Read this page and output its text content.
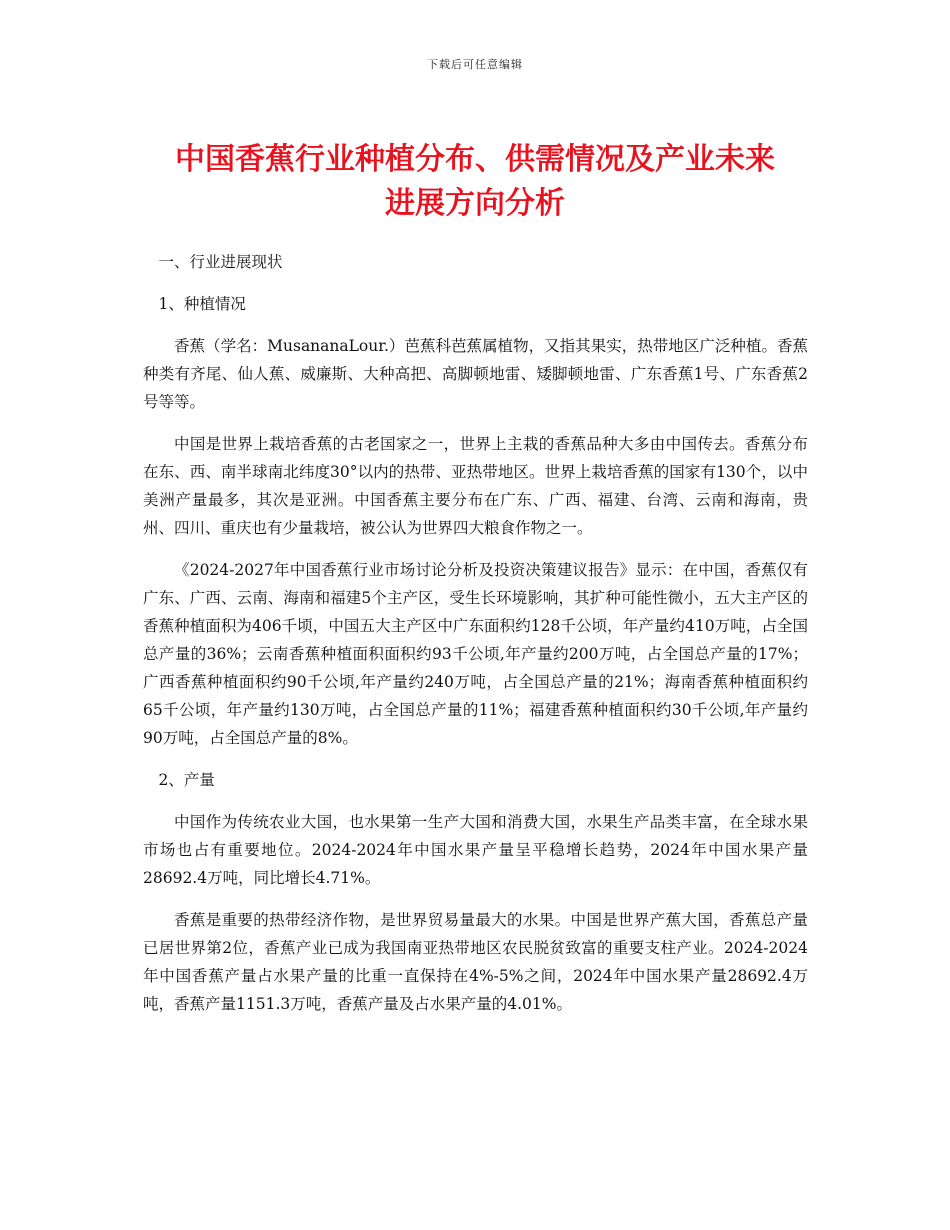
下载后可任意编辑
中国香蕉行业种植分布、供需情况及产业未来
进展方向分析

一、行业进展现状

1、种植情况

香蕉（学名：MusananaLour.）芭蕉科芭蕉属植物，又指其果实，热带地区广泛种植。香蕉种类有齐尾、仙人蕉、威廉斯、大种高把、高脚顿地雷、矮脚顿地雷、广东香蕉1号、广东香蕉2号等等。

中国是世界上栽培香蕉的古老国家之一，世界上主栽的香蕉品种大多由中国传去。香蕉分布在东、西、南半球南北纬度30°以内的热带、亚热带地区。世界上栽培香蕉的国家有130个，以中美洲产量最多，其次是亚洲。中国香蕉主要分布在广东、广西、福建、台湾、云南和海南，贵州、四川、重庆也有少量栽培，被公认为世界四大粮食作物之一。

《2024-2027年中国香蕉行业市场讨论分析及投资决策建议报告》显示：在中国，香蕉仅有广东、广西、云南、海南和福建5个主产区，受生长环境影响，其扩种可能性微小，五大主产区的香蕉种植面积为406千顷，中国五大主产区中广东面积约128千公顷，年产量约410万吨，占全国总产量的36%；云南香蕉种植面积面积约93千公顷,年产量约200万吨，占全国总产量的17%；广西香蕉种植面积约90千公顷,年产量约240万吨，占全国总产量的21%；海南香蕉种植面积约65千公顷，年产量约130万吨，占全国总产量的11%；福建香蕉种植面积约30千公顷,年产量约90万吨，占全国总产量的8%。

2、产量

中国作为传统农业大国，也水果第一生产大国和消费大国，水果生产品类丰富，在全球水果市场也占有重要地位。2024-2024年中国水果产量呈平稳增长趋势，2024年中国水果产量28692.4万吨，同比增长4.71%。

香蕉是重要的热带经济作物，是世界贸易量最大的水果。中国是世界产蕉大国，香蕉总产量已居世界第2位，香蕉产业已成为我国南亚热带地区农民脱贫致富的重要支柱产业。2024-2024年中国香蕉产量占水果产量的比重一直保持在4%-5%之间，2024年中国水果产量28692.4万吨，香蕉产量1151.3万吨，香蕉产量及占水果产量的4.01%。
